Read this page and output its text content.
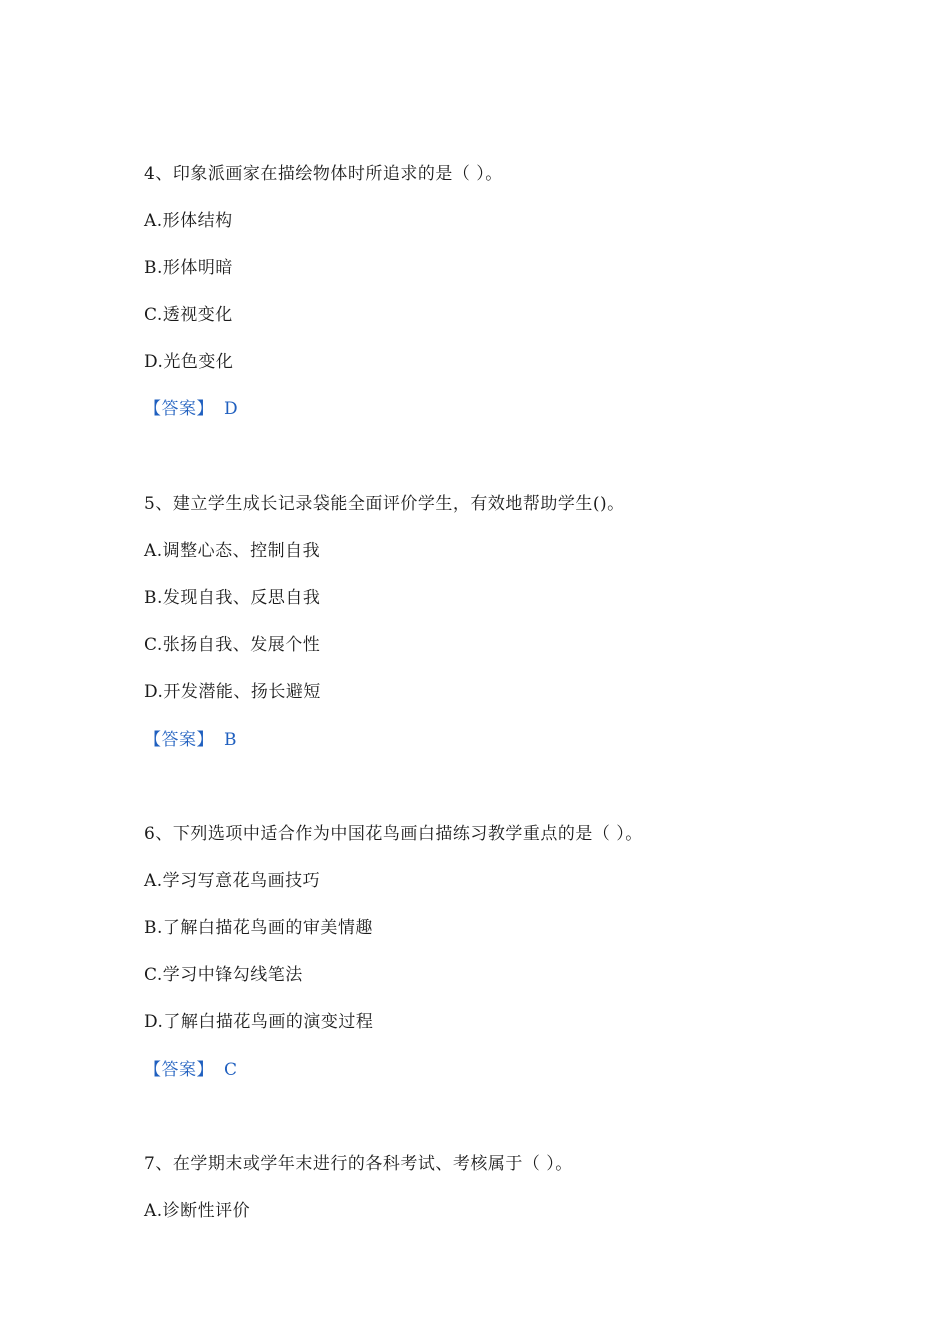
4、印象派画家在描绘物体时所追求的是（ ）。
A.形体结构
B.形体明暗
C.透视变化
D.光色变化
【答案】 D
5、建立学生成长记录袋能全面评价学生，有效地帮助学生()。
A.调整心态、控制自我
B.发现自我、反思自我
C.张扬自我、发展个性
D.开发潜能、扬长避短
【答案】 B
6、下列选项中适合作为中国花鸟画白描练习教学重点的是（ ）。
A.学习写意花鸟画技巧
B.了解白描花鸟画的审美情趣
C.学习中锋勾线笔法
D.了解白描花鸟画的演变过程
【答案】 C
7、在学期末或学年末进行的各科考试、考核属于（ ）。
A.诊断性评价
